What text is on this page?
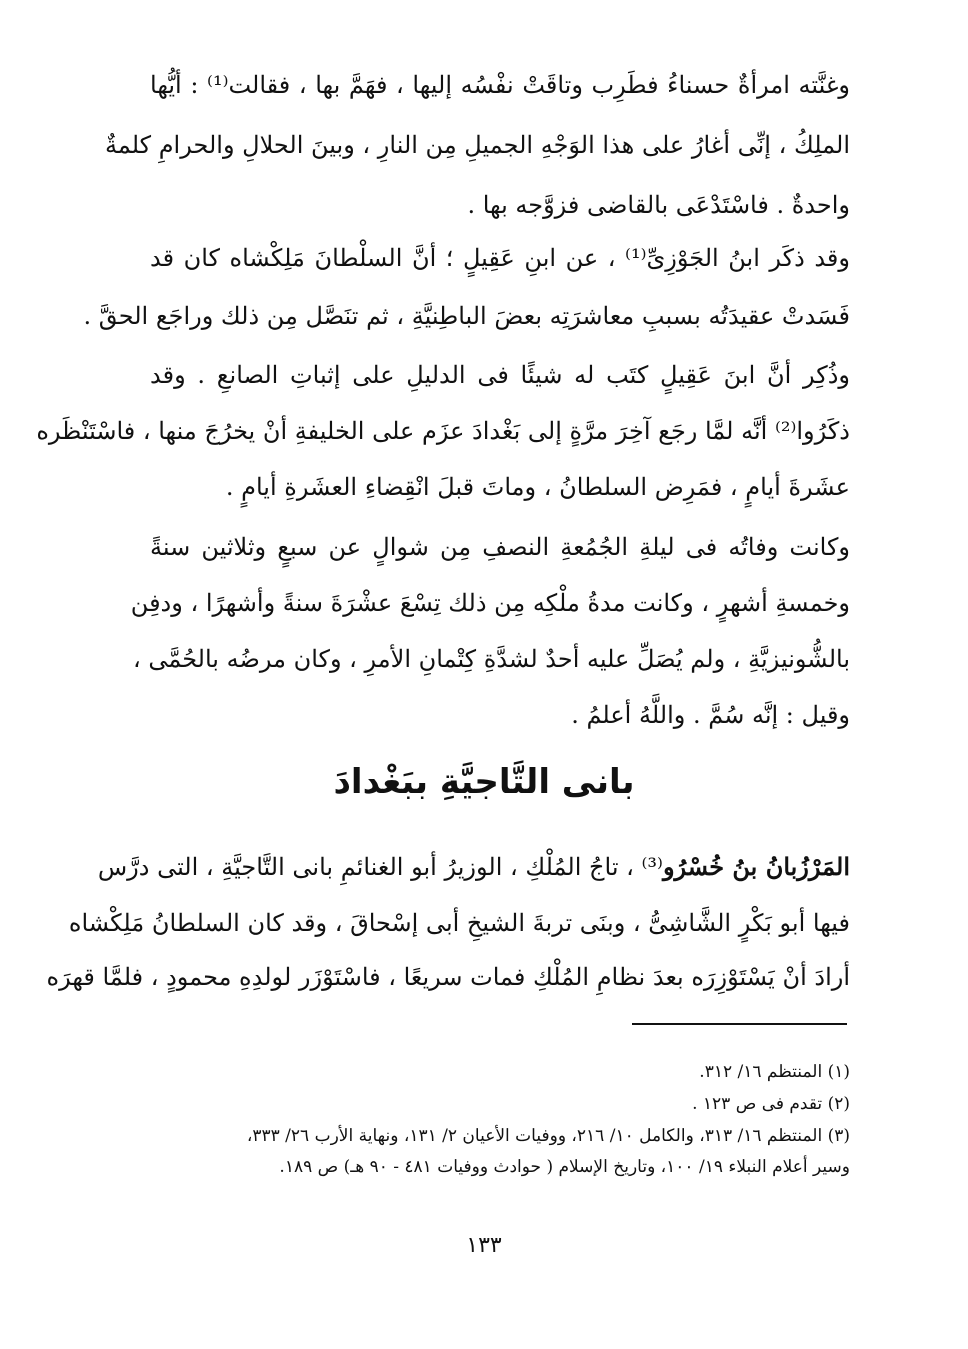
وغنَّته امرأةٌ حسناءُ فطَرِب وتاقَتْ نفْسُه إليها ، فهَمَّ بها ، فقالت⁽¹⁾ : أيُّها
الملِكُ ، إنِّى أغارُ على هذا الوَجْهِ الجميلِ مِن النارِ ، وبينَ الحلالِ والحرامِ كلمةٌ
واحدةٌ . فاسْتَدْعَى بالقاضى فزوَّجه بها .
وقد ذكَر ابنُ الجَوْزِىِّ⁽¹⁾ ، عن ابنِ عَقِيلٍ ؛ أنَّ السلْطانَ مَلِكْشاه كان قد
فَسَدتْ عقيدَتُه بسببِ معاشرَتِه بعضَ الباطِنيَّةِ ، ثم تنَصَّل مِن ذلك وراجَع الحقَّ .
وذُكِر أنَّ ابنَ عَقِيلٍ كتَب له شيئًا فى الدليلِ على إثباتِ الصانعِ . وقد
ذكَرُوا⁽²⁾ أنَّه لمَّا رجَع آخِرَ مرَّةٍ إلى بَغْدادَ عزَم على الخليفةِ أنْ يخرُجَ منها ، فاسْتَنْظَره
عشَرةَ أيامٍ ، فمَرِض السلطانُ ، وماتَ قبلَ انْقِضاءِ العشَرةِ أيامٍ .
وكانت وفاتُه فى ليلةِ الجُمُعةِ النصفِ مِن شوالٍ عن سبعٍ وثلاثين سنةً
وخمسةِ أشهرٍ ، وكانت مدةُ ملْكِه مِن ذلك تِسْعَ عشْرَةَ سنةً وأشهرًا ، ودفِن
بالشُّونيزيَّةِ ، ولم يُصَلِّ عليه أحدٌ لشدَّةِ كِتْمانِ الأمرِ ، وكان مرضُه بالحُمَّى ،
وقيل : إنَّه سُمَّ . واللَّهُ أعلمُ .
بانى التَّاجيَّةِ ببَغْدادَ
المَرْزُبانُ بنُ خُسْرُو⁽³⁾ ، تاجُ المُلْكِ ، الوزيرُ أبو الغنائمِ بانى التَّاجيَّةِ ، التى درَّس
فيها أبو بَكْرٍ الشَّاشِىُّ ، وبنَى تربةَ الشيخِ أبى إسْحاقَ ، وقد كان السلطانُ مَلِكْشاه
أرادَ أنْ يَسْتَوْزِرَه بعدَ نظامِ المُلْكِ فمات سريعًا ، فاسْتَوْزَر لولدِهِ محمودٍ ، فلمَّا قهرَه
(١) المنتظم ١٦/ ٣١٢.
(٢) تقدم فى ص ١٢٣ .
(٣) المنتظم ١٦/ ٣١٣، والكامل ١٠/ ٢١٦، ووفيات الأعيان ٢/ ١٣١، ونهاية الأرب ٢٦/ ٣٣٣،
وسير أعلام النبلاء ١٩/ ١٠٠، وتاريخ الإسلام ( حوادث ووفيات ٤٨١ - ٩٠ هـ) ص ١٨٩.
١٣٣
